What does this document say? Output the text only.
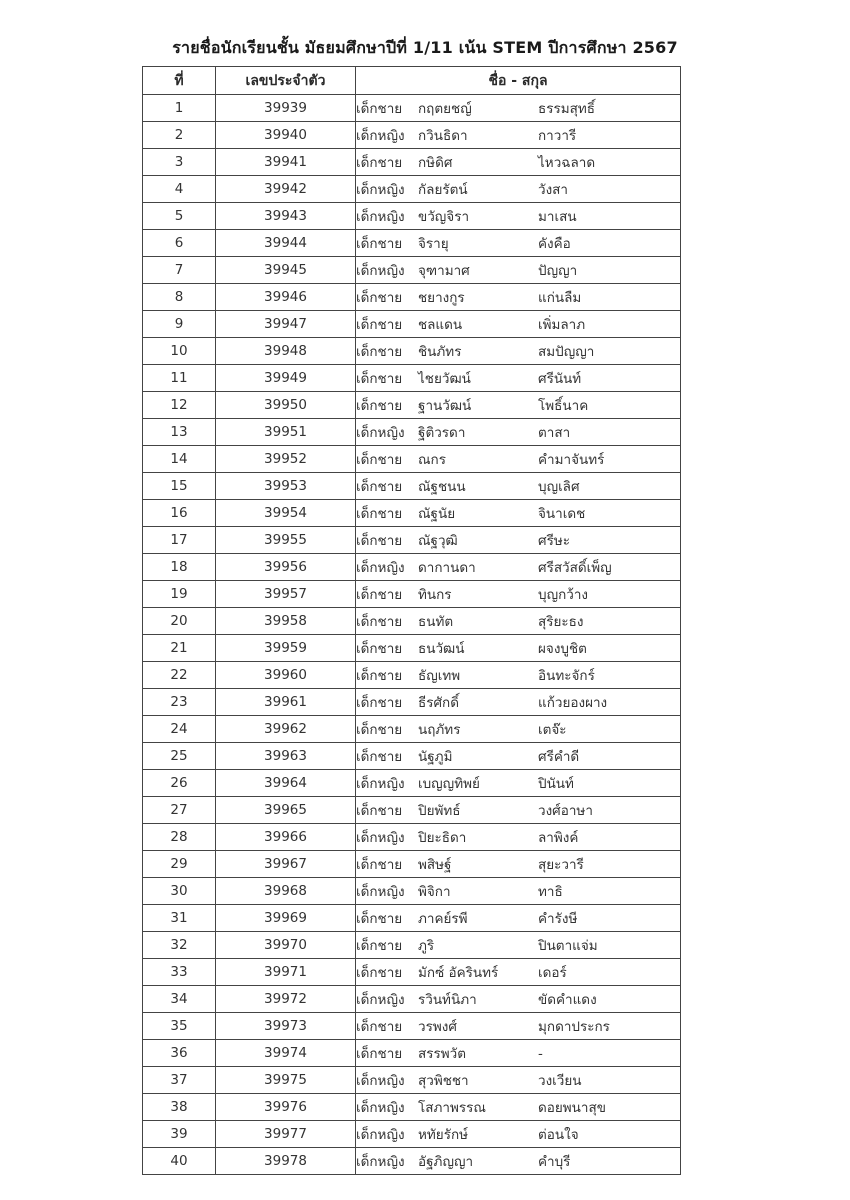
รายชื่อนักเรียนชั้น มัธยมศึกษาปีที่ 1/11 เน้น STEM ปีการศึกษา 2567
ที่	เลขประจำตัว	ชื่อ - สกุล
1	39939	เด็กชาย กฤตยชญ์ ธรรมสุทธิ์
2	39940	เด็กหญิง กวินธิดา กาวารี
3	39941	เด็กชาย กษิดิศ ไหวฉลาด
4	39942	เด็กหญิง กัลยรัตน์ วังสา
5	39943	เด็กหญิง ขวัญจิรา มาเสน
6	39944	เด็กชาย จิรายุ คังคือ
7	39945	เด็กหญิง จุฑามาศ ปัญญา
8	39946	เด็กชาย ชยางกูร แก่นลืม
9	39947	เด็กชาย ชลแดน เพิ่มลาภ
10	39948	เด็กชาย ชินภัทร สมปัญญา
11	39949	เด็กชาย ไชยวัฒน์ ศรีนันท์
12	39950	เด็กชาย ฐานวัฒน์ โพธิ์นาค
13	39951	เด็กหญิง ฐิติวรดา ตาสา
14	39952	เด็กชาย ณกร คำมาจันทร์
15	39953	เด็กชาย ณัฐชนน บุญเลิศ
16	39954	เด็กชาย ณัฐนัย จินาเดช
17	39955	เด็กชาย ณัฐวุฒิ ศรีษะ
18	39956	เด็กหญิง ดากานดา ศรีสวัสดิ์เพ็ญ
19	39957	เด็กชาย ทินกร บุญกว้าง
20	39958	เด็กชาย ธนทัต สุริยะธง
21	39959	เด็กชาย ธนวัฒน์ ผจงบูชิต
22	39960	เด็กชาย ธัญเทพ อินทะจักร์
23	39961	เด็กชาย ธีรศักดิ์ แก้วยองผาง
24	39962	เด็กชาย นฤภัทร เตจ๊ะ
25	39963	เด็กชาย นัฐภูมิ ศรีคำดี
26	39964	เด็กหญิง เบญญทิพย์ ปินันท์
27	39965	เด็กชาย ปิยพัทธ์ วงศ์อาษา
28	39966	เด็กหญิง ปิยะธิดา ลาพิงค์
29	39967	เด็กชาย พสิษฐ์ สุยะวารี
30	39968	เด็กหญิง พิจิกา ทาธิ
31	39969	เด็กชาย ภาคย์รพี คำรังษี
32	39970	เด็กชาย ภูริ ปินตาแจ่ม
33	39971	เด็กชาย มักซ์ อัครินทร์ เดอร์
34	39972	เด็กหญิง รวินท์นิภา ขัดคำแดง
35	39973	เด็กชาย วรพงศ์ มุกดาประกร
36	39974	เด็กชาย สรรพวัต -
37	39975	เด็กหญิง สุวพิชชา วงเวียน
38	39976	เด็กหญิง โสภาพรรณ ดอยพนาสุข
39	39977	เด็กหญิง หทัยรักษ์ ต่อนใจ
40	39978	เด็กหญิง อัฐภิญญา คำบุรี
